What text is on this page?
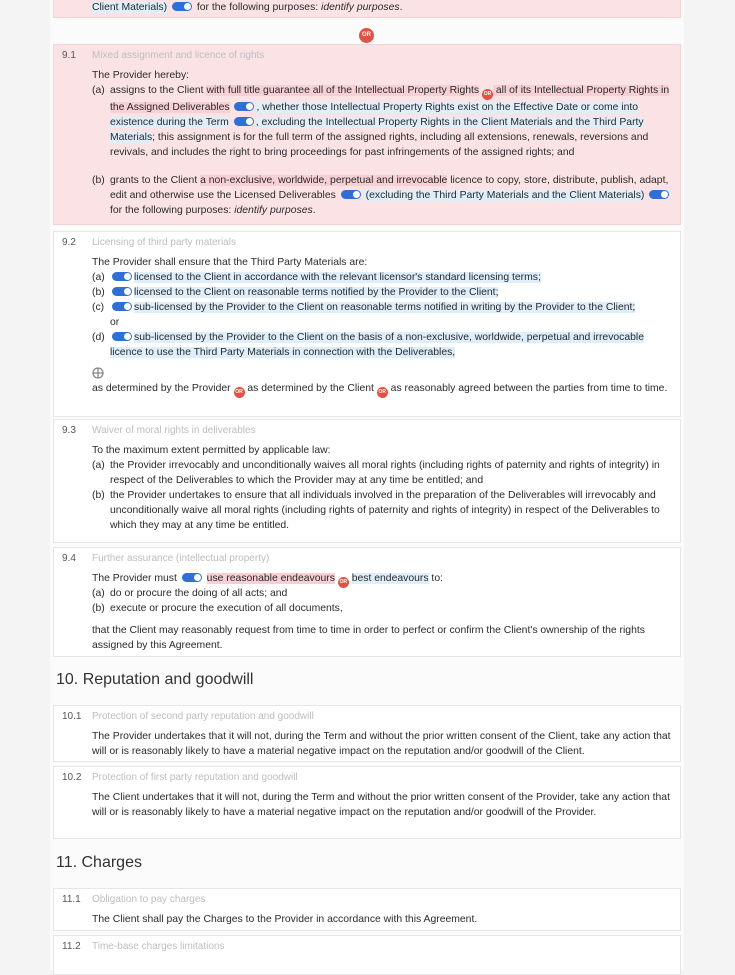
Client Materials)	for the following purposes: identify purposes.
OR
9.1 Mixed assignment and licence of rights
The Provider hereby:
(a) assigns to the Client with full title guarantee all of the Intellectual Property Rights OR all of its Intellectual Property Rights in the Assigned Deliverables	, whether those Intellectual Property Rights exist on the Effective Date or come into existence during the Term	, excluding the Intellectual Property Rights in the Client Materials and the Third Party Materials; this assignment is for the full term of the assigned rights, including all extensions, renewals, reversions and revivals, and includes the right to bring proceedings for past infringements of the assigned rights; and
(b) grants to the Client a non-exclusive, worldwide, perpetual and irrevocable licence to copy, store, distribute, publish, adapt, edit and otherwise use the Licensed Deliverables	(excluding the Third Party Materials and the Client Materials)  for the following purposes: identify purposes.
9.2 Licensing of third party materials
The Provider shall ensure that the Third Party Materials are:
(a)	licensed to the Client in accordance with the relevant licensor's standard licensing terms;
(b)	licensed to the Client on reasonable terms notified by the Provider to the Client;
(c)	sub-licensed by the Provider to the Client on reasonable terms notified in writing by the Provider to the Client;
or
(d)	sub-licensed by the Provider to the Client on the basis of a non-exclusive, worldwide, perpetual and irrevocable licence to use the Third Party Materials in connection with the Deliverables,
as determined by the Provider OR as determined by the Client OR as reasonably agreed between the parties from time to time.
9.3 Waiver of moral rights in deliverables
To the maximum extent permitted by applicable law:
(a) the Provider irrevocably and unconditionally waives all moral rights (including rights of paternity and rights of integrity) in respect of the Deliverables to which the Provider may at any time be entitled; and
(b) the Provider undertakes to ensure that all individuals involved in the preparation of the Deliverables will irrevocably and unconditionally waive all moral rights (including rights of paternity and rights of integrity) in respect of the Deliverables to which they may at any time be entitled.
9.4 Further assurance (intellectual property)
The Provider must	use reasonable endeavours OR best endeavours to:
(a) do or procure the doing of all acts; and
(b) execute or procure the execution of all documents,
that the Client may reasonably request from time to time in order to perfect or confirm the Client's ownership of the rights assigned by this Agreement.
10. Reputation and goodwill
10.1 Protection of second party reputation and goodwill
The Provider undertakes that it will not, during the Term and without the prior written consent of the Client, take any action that will or is reasonably likely to have a material negative impact on the reputation and/or goodwill of the Client.
10.2 Protection of first party reputation and goodwill
The Client undertakes that it will not, during the Term and without the prior written consent of the Provider, take any action that will or is reasonably likely to have a material negative impact on the reputation and/or goodwill of the Provider.
11. Charges
11.1 Obligation to pay charges
The Client shall pay the Charges to the Provider in accordance with this Agreement.
11.2 Time-base charges limitations
